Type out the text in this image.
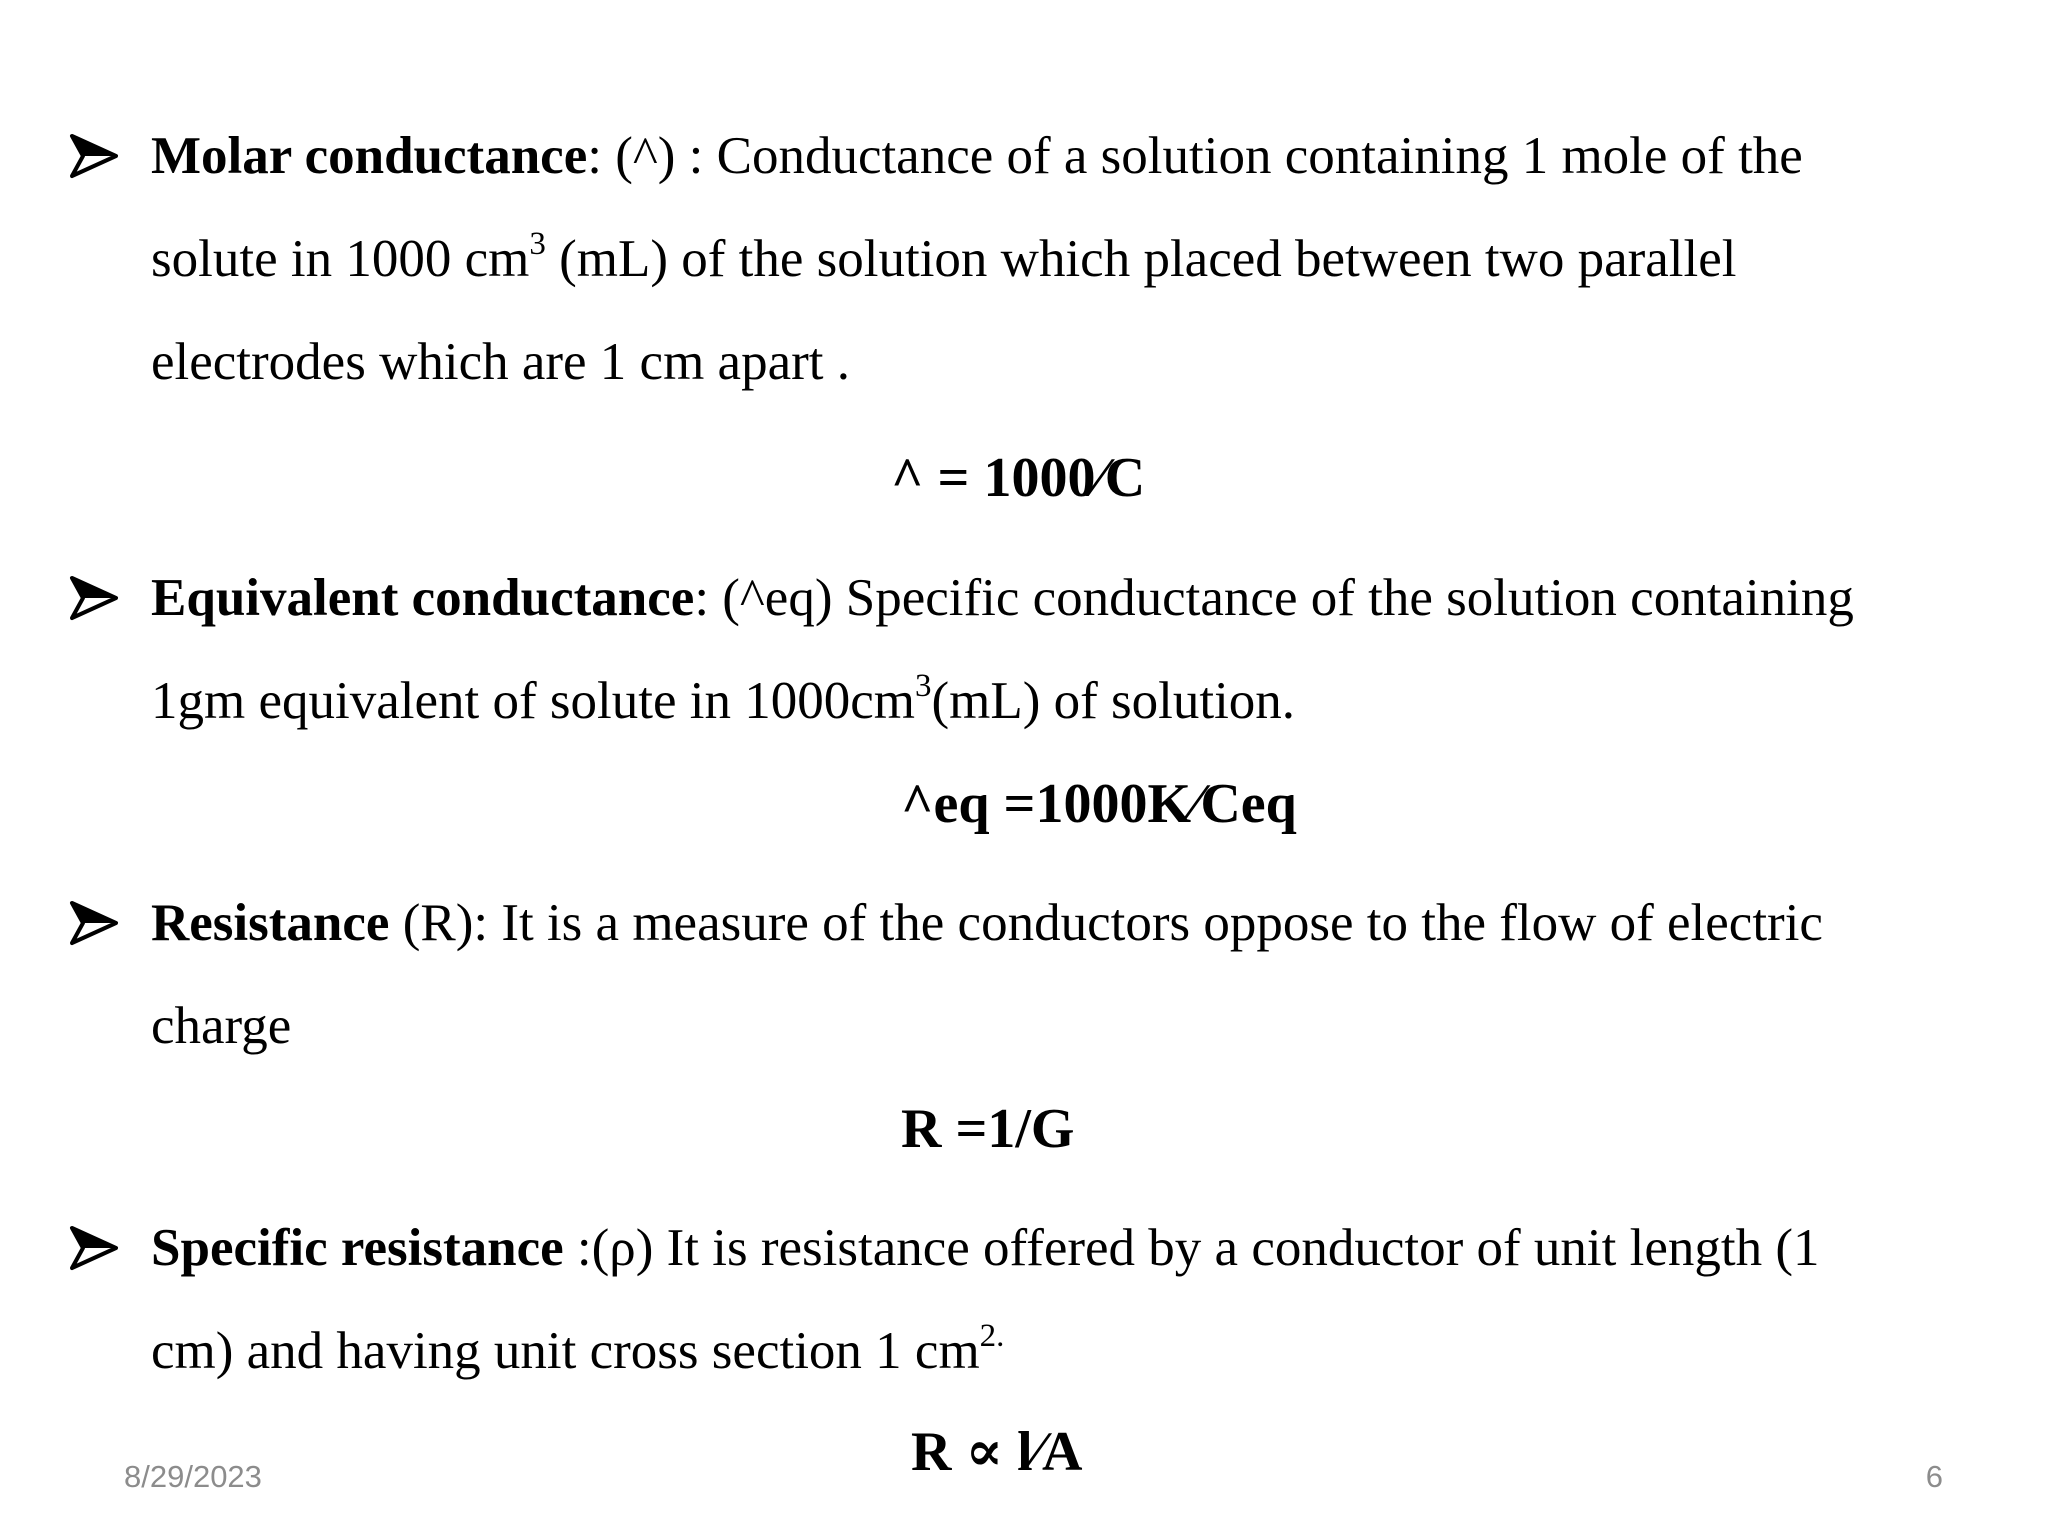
Molar conductance: (^) : Conductance of a solution containing 1 mole of the
solute in 1000 $cm^3$ (mL) of the solution which placed between two parallel
electrodes which are 1 cm apart .
^ = 1000⁄C
Equivalent conductance: (^eq) Specific conductance of the solution containing
1gm equivalent of solute in $1000cm^3(mL)$ of solution.
^eq =1000K⁄Ceq
Resistance (R): It is a measure of the conductors oppose to the flow of electric
charge
R =1/G
Specific resistance :(ρ) It is resistance offered by a conductor of unit length (1
cm) and having unit cross section 1 $cm^{2.}$
R ∝ l⁄A
8/29/2023	6
